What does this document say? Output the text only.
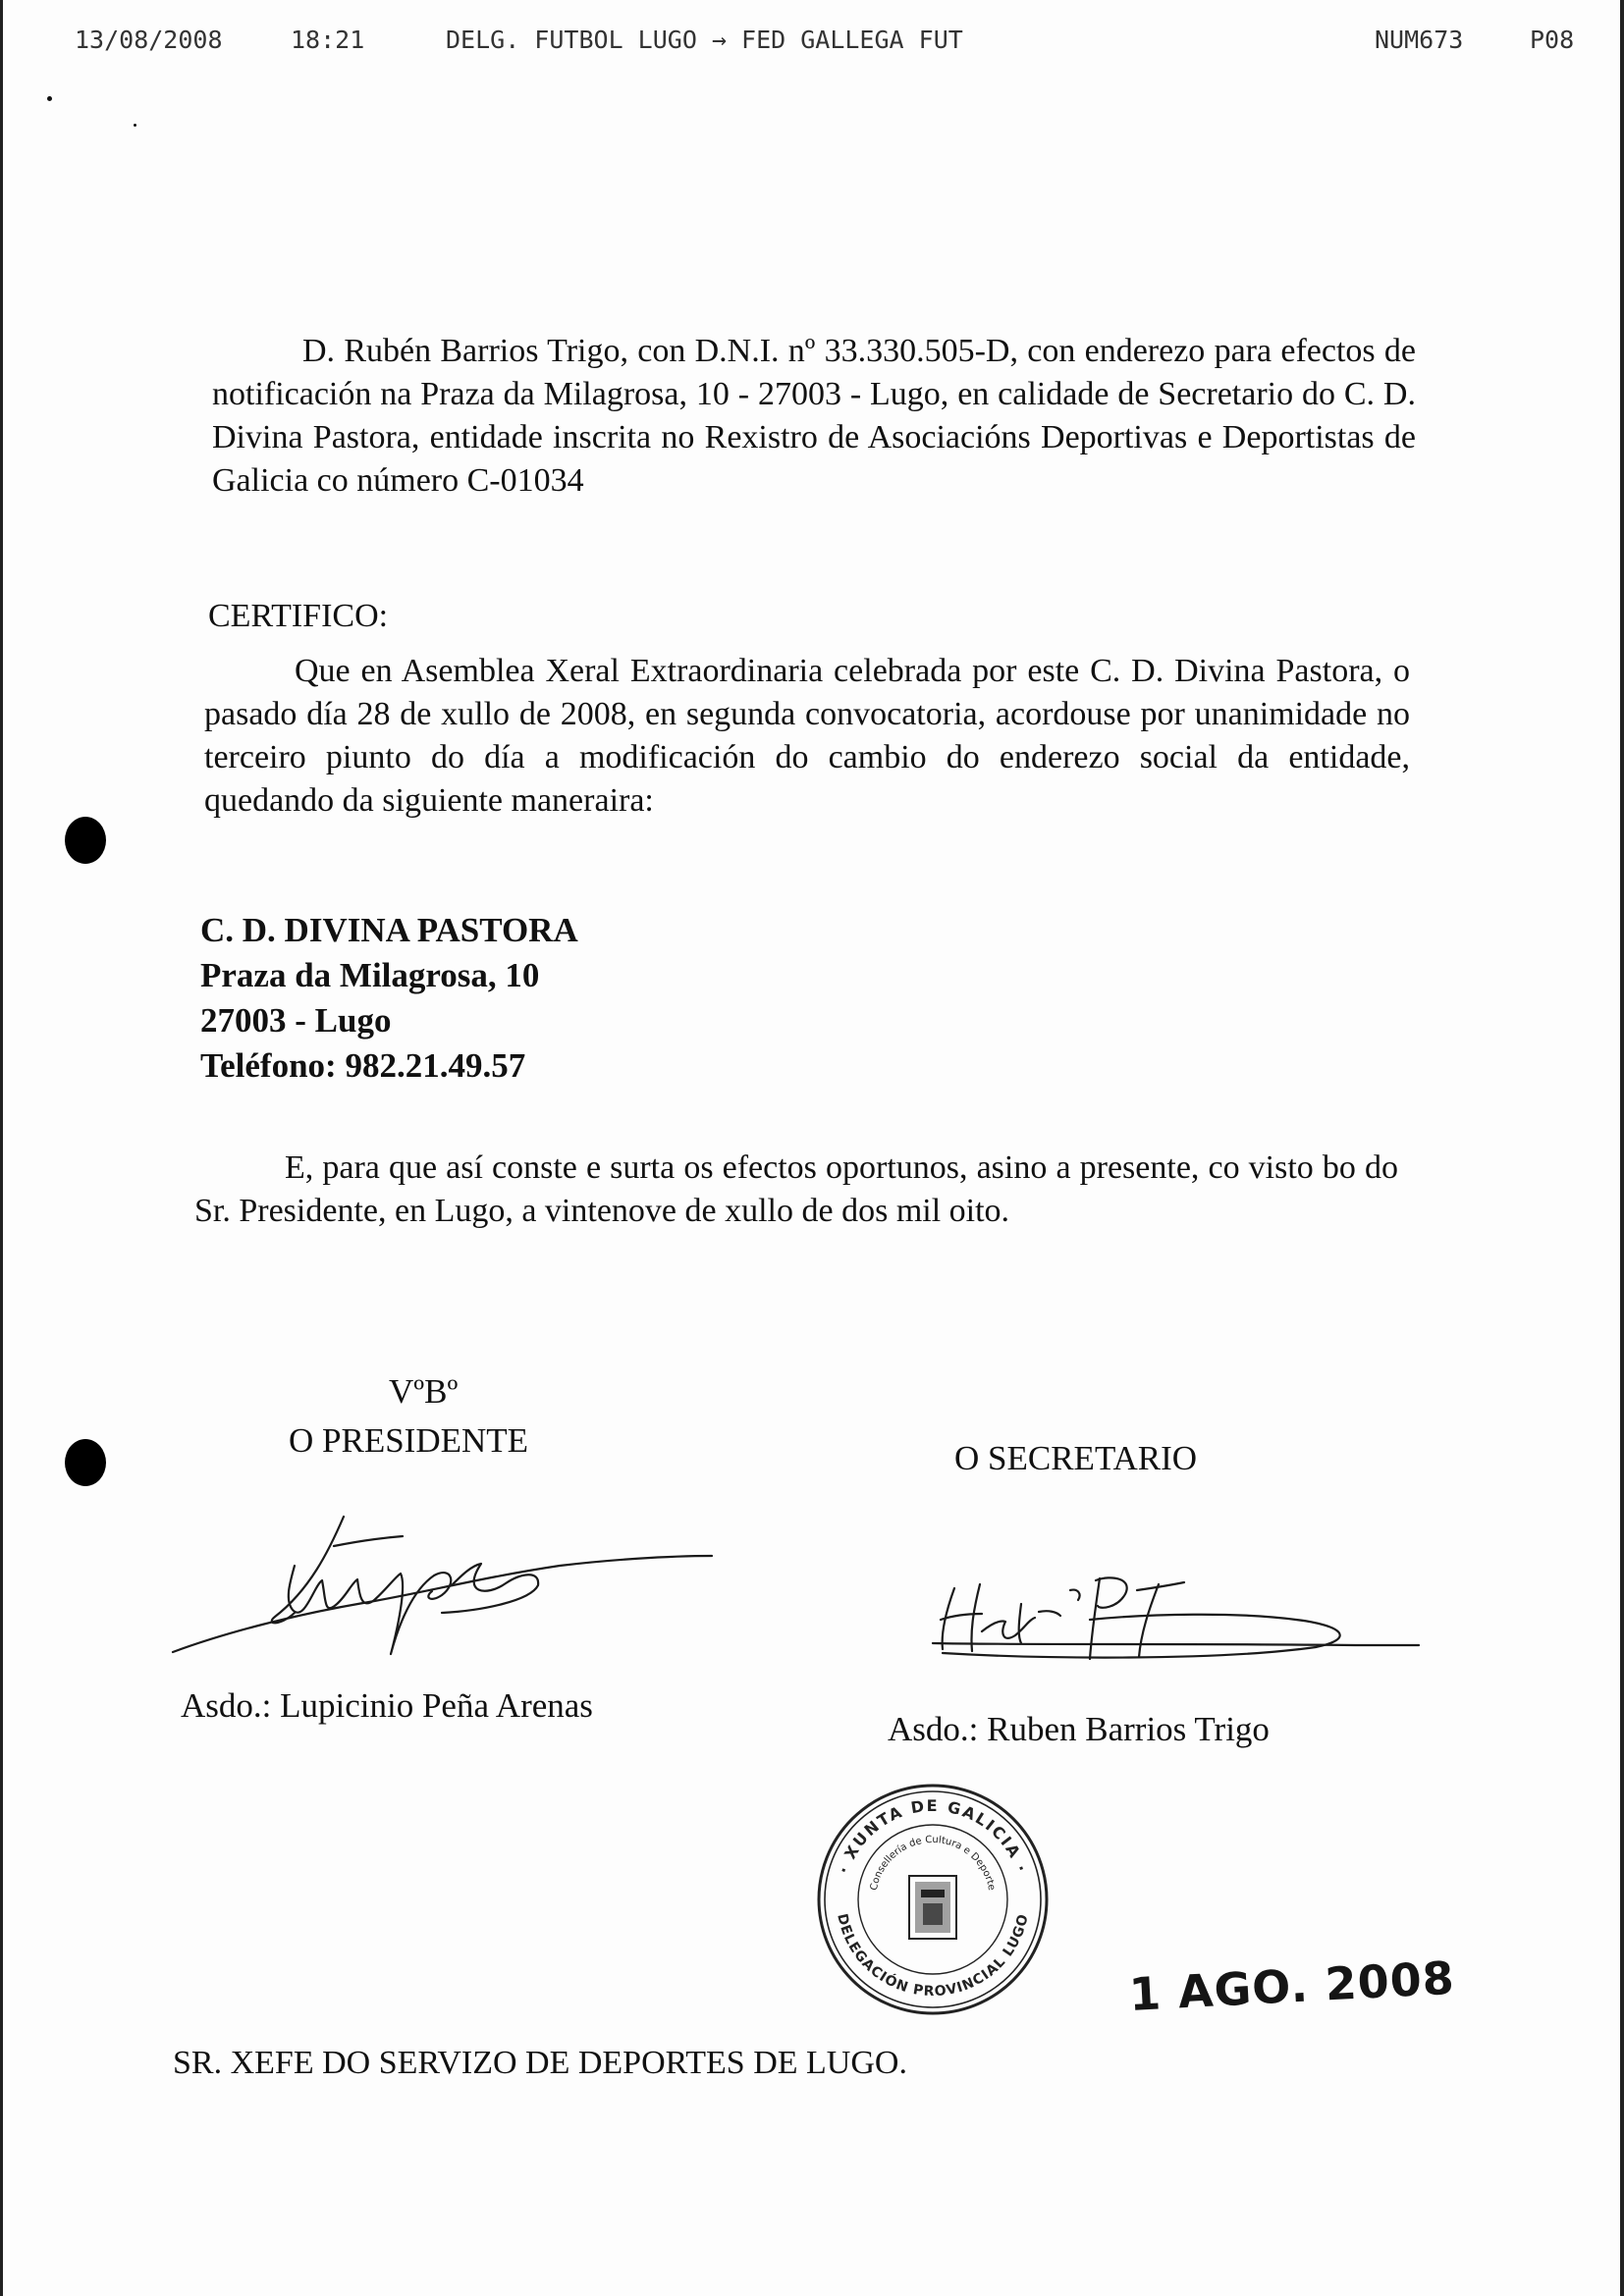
13/08/2008	18:21	DELG. FUTBOL LUGO → FED GALLEGA FUT	NUM673	P08

D. Rubén Barrios Trigo, con D.N.I. nº 33.330.505-D, con enderezo para efectos de notificación na Praza da Milagrosa, 10 - 27003 - Lugo, en calidade de Secretario do C. D. Divina Pastora, entidade inscrita no Rexistro de Asociacións Deportivas e Deportistas de Galicia co número C-01034

CERTIFICO:

Que en Asemblea Xeral Extraordinaria celebrada por este C. D. Divina Pastora, o pasado día 28 de xullo de 2008, en segunda convocatoria, acordouse por unanimidade no terceiro piunto do día a modificación do cambio do enderezo social da entidade, quedando da siguiente maneraira:

C. D. DIVINA PASTORA
Praza da Milagrosa, 10
27003 - Lugo
Teléfono: 982.21.49.57

E, para que así conste e surta os efectos oportunos, asino a presente, co visto bo do Sr. Presidente, en Lugo, a vintenove de xullo de dos mil oito.

VºBº
O PRESIDENTE
Asdo.: Lupicinio Peña Arenas
O SECRETARIO
Asdo.: Ruben Barrios Trigo
· XUNTA DE GALICIA ·
DELEGACIÓN PROVINCIAL LUGO
Consellería de Cultura e Deporte
1 AGO. 2008
SR. XEFE DO SERVIZO DE DEPORTES DE LUGO.
